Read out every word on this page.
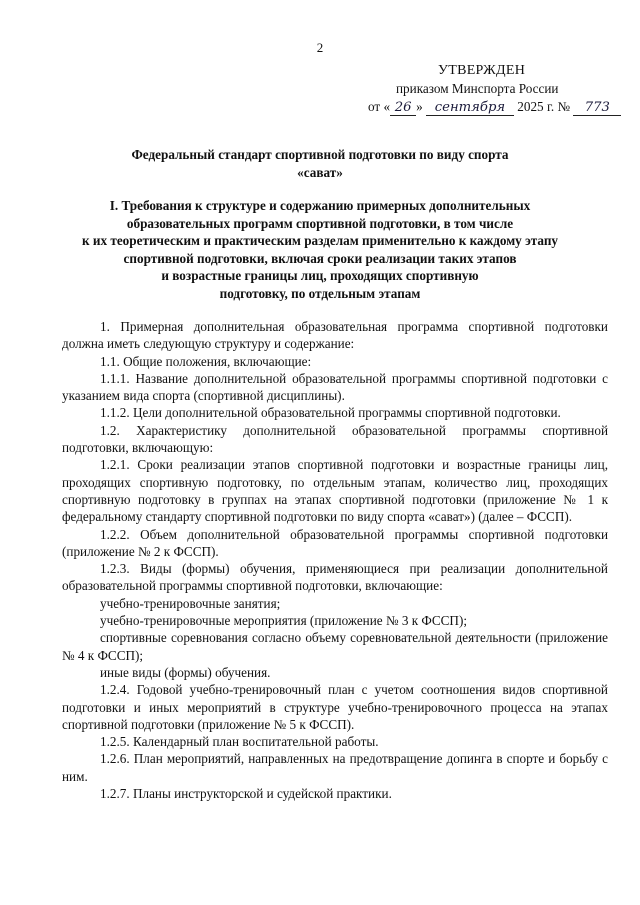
2
УТВЕРЖДЕН
приказом Минспорта России
от « 26 » сентября 2025 г. № 773
Федеральный стандарт спортивной подготовки по виду спорта
«сават»
I. Требования к структуре и содержанию примерных дополнительных
образовательных программ спортивной подготовки, в том числе
к их теоретическим и практическим разделам применительно к каждому этапу
спортивной подготовки, включая сроки реализации таких этапов
и возрастные границы лиц, проходящих спортивную
подготовку, по отдельным этапам

1. Примерная дополнительная образовательная программа спортивной подготовки должна иметь следующую структуру и содержание:

1.1. Общие положения, включающие:

1.1.1. Название дополнительной образовательной программы спортивной подготовки с указанием вида спорта (спортивной дисциплины).

1.1.2. Цели дополнительной образовательной программы спортивной подготовки.

1.2. Характеристику дополнительной образовательной программы спортивной подготовки, включающую:

1.2.1. Сроки реализации этапов спортивной подготовки и возрастные границы лиц, проходящих спортивную подготовку, по отдельным этапам, количество лиц, проходящих спортивную подготовку в группах на этапах спортивной подготовки (приложение № 1 к федеральному стандарту спортивной подготовки по виду спорта «сават») (далее – ФССП).

1.2.2. Объем дополнительной образовательной программы спортивной подготовки (приложение № 2 к ФССП).

1.2.3. Виды (формы) обучения, применяющиеся при реализации дополнительной образовательной программы спортивной подготовки, включающие:

учебно-тренировочные занятия;

учебно-тренировочные мероприятия (приложение № 3 к ФССП);

спортивные соревнования согласно объему соревновательной деятельности (приложение № 4 к ФССП);

иные виды (формы) обучения.

1.2.4. Годовой учебно-тренировочный план с учетом соотношения видов спортивной подготовки и иных мероприятий в структуре учебно-тренировочного процесса на этапах спортивной подготовки (приложение № 5 к ФССП).

1.2.5. Календарный план воспитательной работы.

1.2.6. План мероприятий, направленных на предотвращение допинга в спорте и борьбу с ним.

1.2.7. Планы инструкторской и судейской практики.
